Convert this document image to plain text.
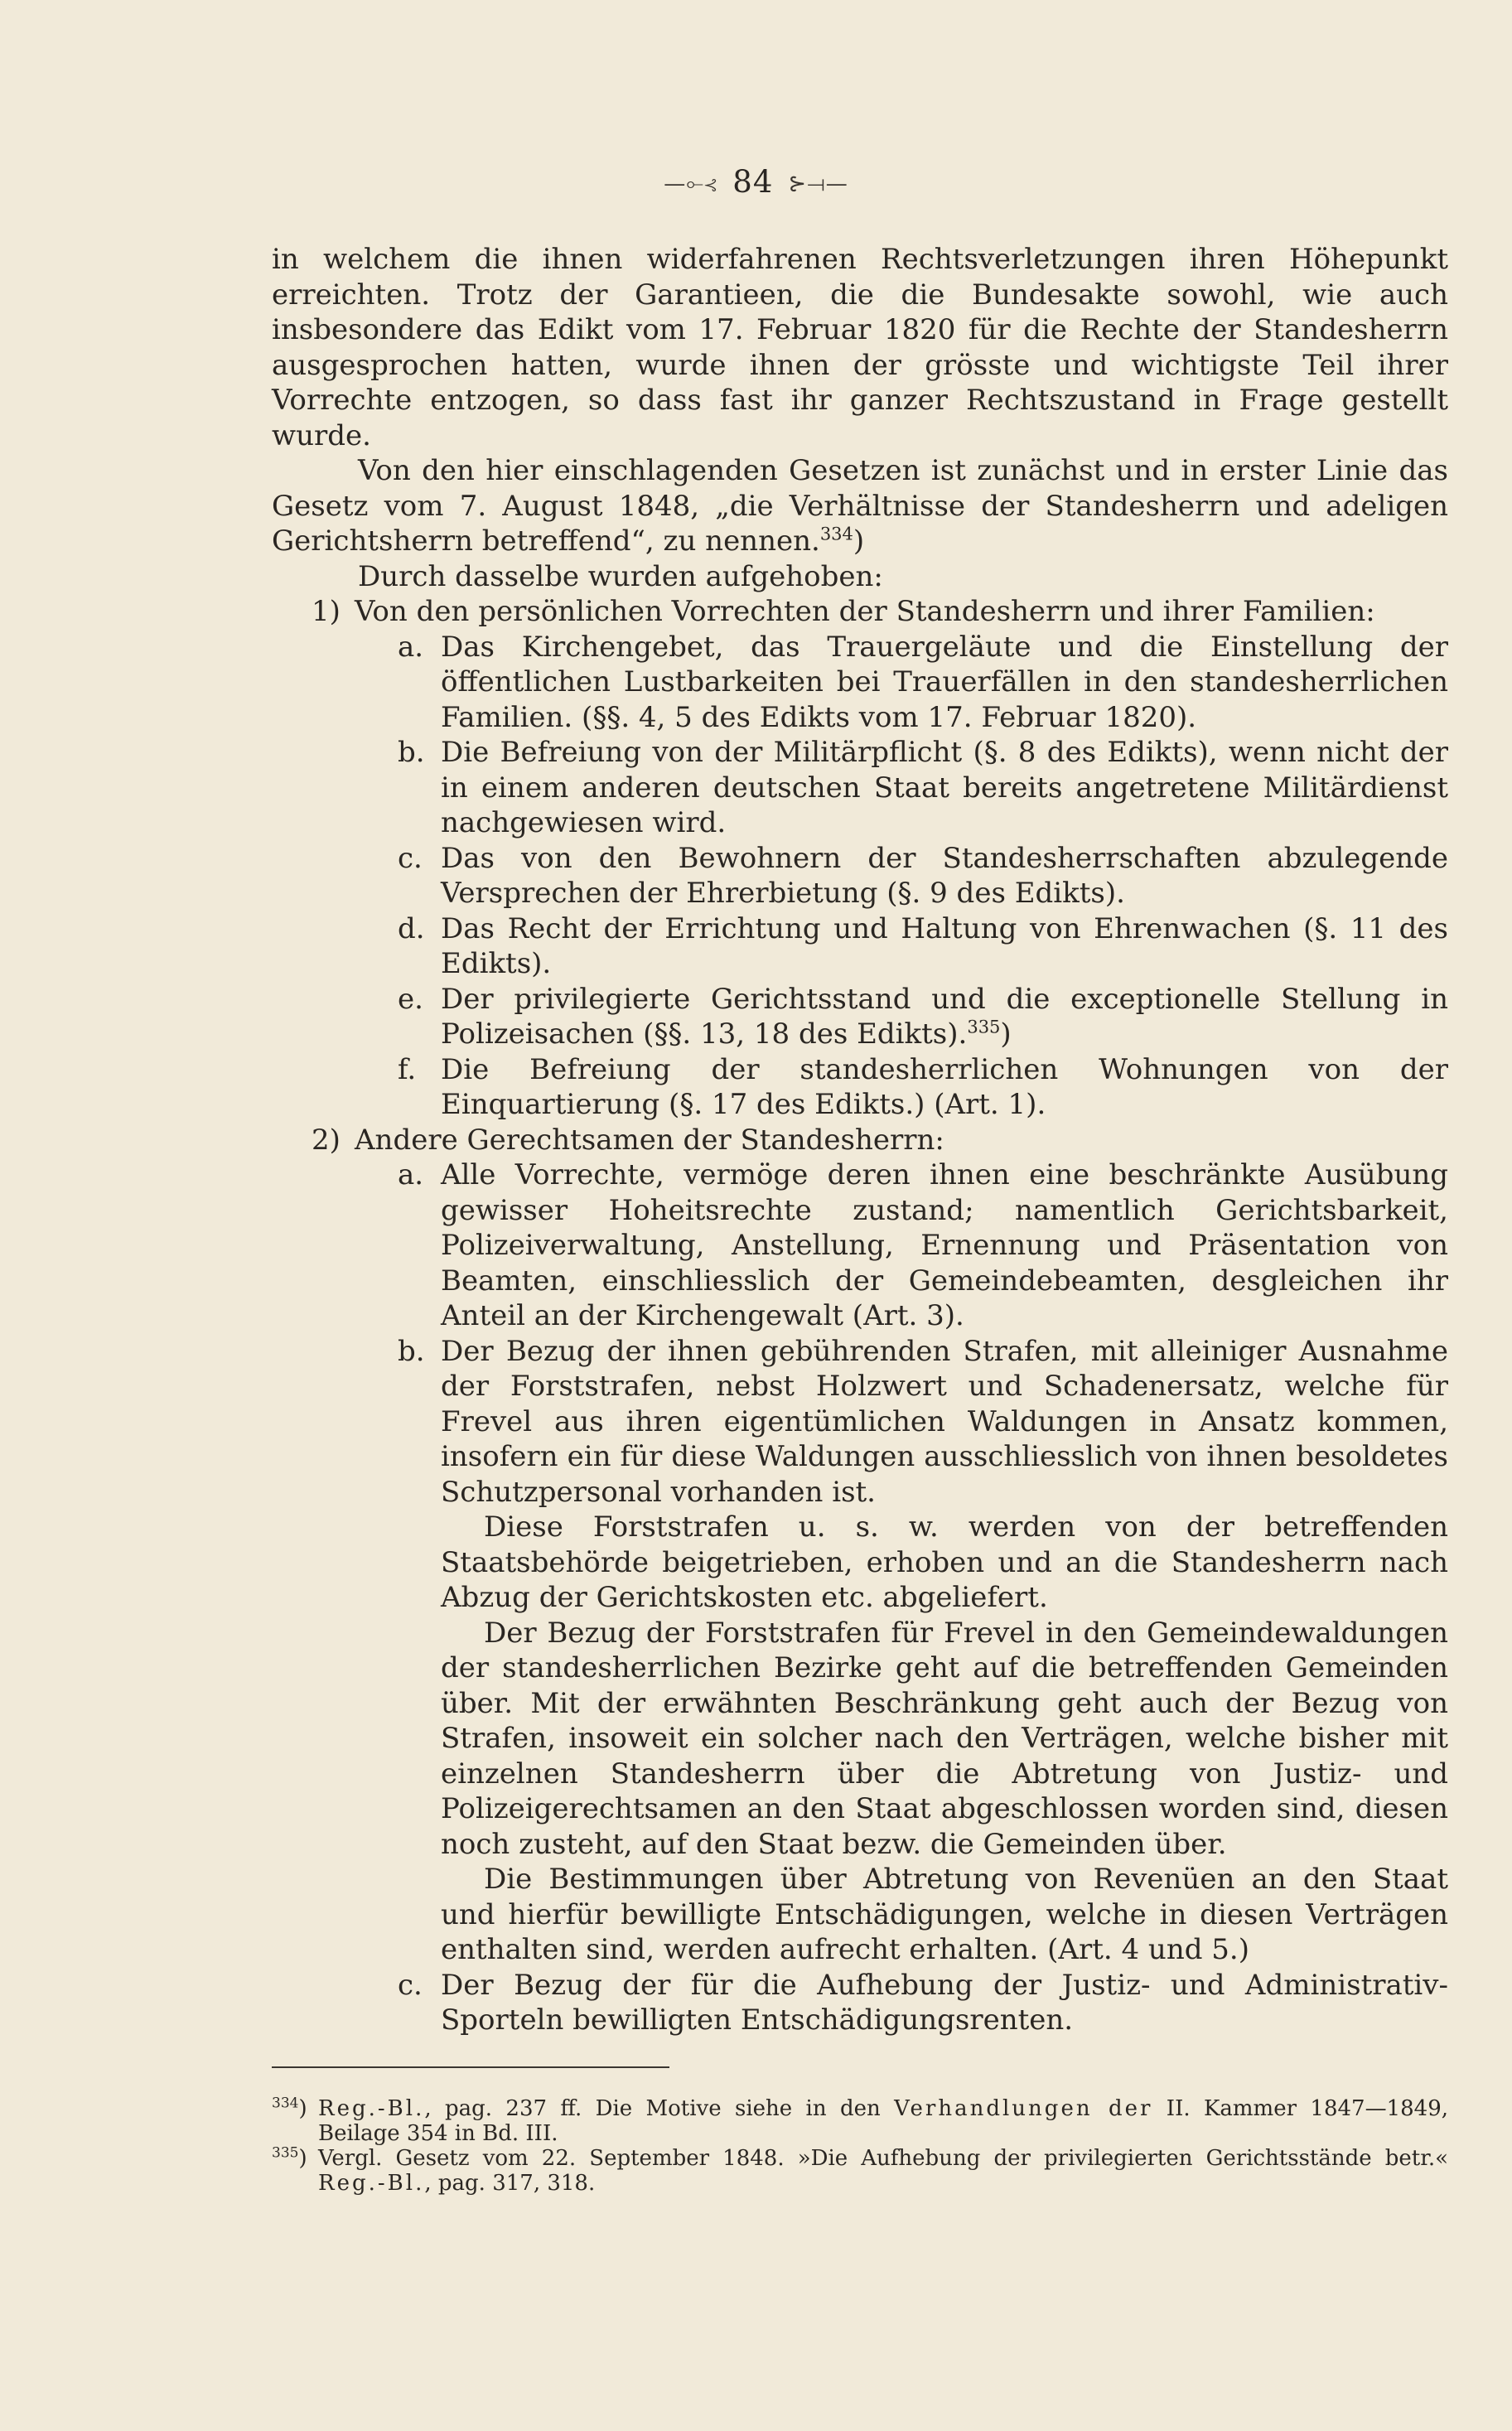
—⟜⊰ 84 ⊱⟞—

in welchem die ihnen widerfahrenen Rechtsverletzungen ihren Höhepunkt erreichten. Trotz der Garantieen, die die Bundesakte sowohl, wie auch insbesondere das Edikt vom 17. Februar 1820 für die Rechte der Standesherrn ausgesprochen hatten, wurde ihnen der grösste und wichtigste Teil ihrer Vorrechte entzogen, so dass fast ihr ganzer Rechtszustand in Frage gestellt wurde.

Von den hier einschlagenden Gesetzen ist zunächst und in erster Linie das Gesetz vom 7. August 1848, „die Verhältnisse der Standesherrn und adeligen Gerichtsherrn betreffend“, zu nennen.$^{334}$)

Durch dasselbe wurden aufgehoben:

1) Von den persönlichen Vorrechten der Standesherrn und ihrer Familien:
a. Das Kirchengebet, das Trauergeläute und die Einstellung der öffentlichen Lustbarkeiten bei Trauerfällen in den standesherrlichen Familien. (§§. 4, 5 des Edikts vom 17. Februar 1820).
b. Die Befreiung von der Militärpflicht (§. 8 des Edikts), wenn nicht der in einem anderen deutschen Staat bereits angetretene Militärdienst nachgewiesen wird.
c. Das von den Bewohnern der Standesherrschaften abzulegende Versprechen der Ehrerbietung (§. 9 des Edikts).
d. Das Recht der Errichtung und Haltung von Ehrenwachen (§. 11 des Edikts).
e. Der privilegierte Gerichtsstand und die exceptionelle Stellung in Polizeisachen (§§. 13, 18 des Edikts).$^{335}$)
f. Die Befreiung der standesherrlichen Wohnungen von der Einquartierung (§. 17 des Edikts.) (Art. 1).
2) Andere Gerechtsamen der Standesherrn:
a. Alle Vorrechte, vermöge deren ihnen eine beschränkte Ausübung gewisser Hoheitsrechte zustand; namentlich Gerichtsbarkeit, Polizeiverwaltung, Anstellung, Ernennung und Präsentation von Beamten, einschliesslich der Gemeindebeamten, desgleichen ihr Anteil an der Kirchengewalt (Art. 3).
b. Der Bezug der ihnen gebührenden Strafen, mit alleiniger Ausnahme der Forststrafen, nebst Holzwert und Schadenersatz, welche für Frevel aus ihren eigentümlichen Waldungen in Ansatz kommen, insofern ein für diese Waldungen ausschliesslich von ihnen besoldetes Schutzpersonal vorhanden ist.

Diese Forststrafen u. s. w. werden von der betreffenden Staatsbehörde beigetrieben, erhoben und an die Standesherrn nach Abzug der Gerichtskosten etc. abgeliefert.

Der Bezug der Forststrafen für Frevel in den Gemeindewaldungen der standesherrlichen Bezirke geht auf die betreffenden Gemeinden über. Mit der erwähnten Beschränkung geht auch der Bezug von Strafen, insoweit ein solcher nach den Verträgen, welche bisher mit einzelnen Standesherrn über die Abtretung von Justiz- und Polizeigerechtsamen an den Staat abgeschlossen worden sind, diesen noch zusteht, auf den Staat bezw. die Gemeinden über.

Die Bestimmungen über Abtretung von Revenüen an den Staat und hierfür bewilligte Entschädigungen, welche in diesen Verträgen enthalten sind, werden aufrecht erhalten. (Art. 4 und 5.)

c. Der Bezug der für die Aufhebung der Justiz- und Administrativ-Sporteln bewilligten Entschädigungsrenten.
$^{334}$) Reg.-Bl., pag. 237 ff. Die Motive siehe in den Verhandlungen der II. Kammer 1847—1849, Beilage 354 in Bd. III.
$^{335}$) Vergl. Gesetz vom 22. September 1848. »Die Aufhebung der privilegierten Gerichtsstände betr.« Reg.-Bl., pag. 317, 318.
